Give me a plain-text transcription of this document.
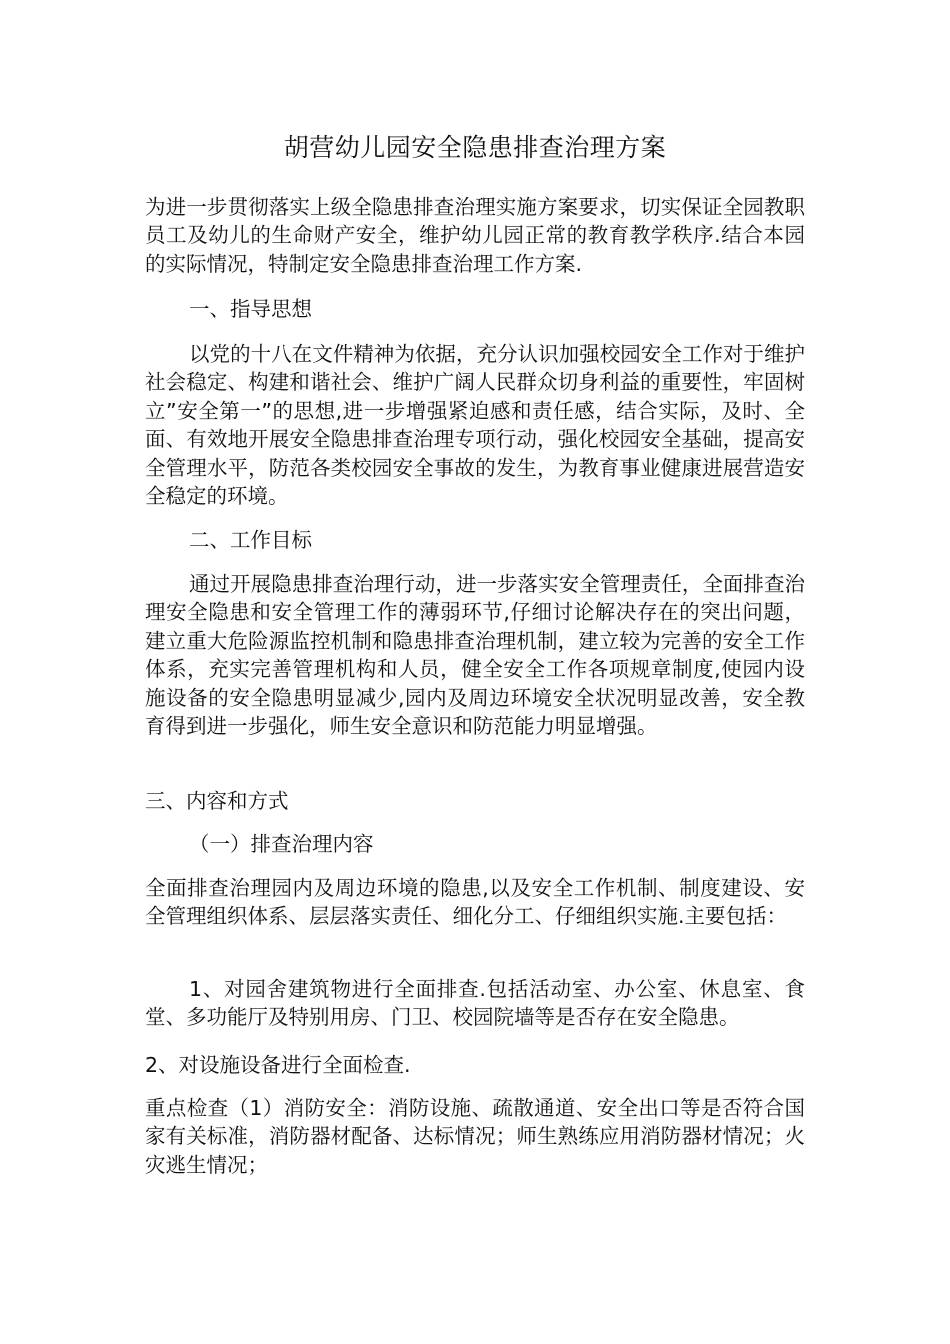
胡营幼儿园安全隐患排查治理方案

为进一步贯彻落实上级全隐患排查治理实施方案要求，切实保证全园教职员工及幼儿的生命财产安全，维护幼儿园正常的教育教学秩序.结合本园的实际情况，特制定安全隐患排查治理工作方案.

一、指导思想

以党的十八在文件精神为依据，充分认识加强校园安全工作对于维护社会稳定、构建和谐社会、维护广阔人民群众切身利益的重要性，牢固树立”安全第一”的思想,进一步增强紧迫感和责任感，结合实际，及时、全面、有效地开展安全隐患排查治理专项行动，强化校园安全基础，提高安全管理水平，防范各类校园安全事故的发生，为教育事业健康进展营造安全稳定的环境。

二、工作目标

通过开展隐患排查治理行动，进一步落实安全管理责任，全面排查治理安全隐患和安全管理工作的薄弱环节,仔细讨论解决存在的突出问题，建立重大危险源监控机制和隐患排查治理机制，建立较为完善的安全工作体系，充实完善管理机构和人员，健全安全工作各项规章制度,使园内设施设备的安全隐患明显减少,园内及周边环境安全状况明显改善，安全教育得到进一步强化，师生安全意识和防范能力明显增强。

三、内容和方式

（一）排查治理内容

全面排查治理园内及周边环境的隐患,以及安全工作机制、制度建设、安全管理组织体系、层层落实责任、细化分工、仔细组织实施.主要包括：

1、对园舍建筑物进行全面排查.包括活动室、办公室、休息室、食堂、多功能厅及特别用房、门卫、校园院墙等是否存在安全隐患。

2、对设施设备进行全面检查.

重点检查（1）消防安全：消防设施、疏散通道、安全出口等是否符合国家有关标准，消防器材配备、达标情况；师生熟练应用消防器材情况；火灾逃生情况；
